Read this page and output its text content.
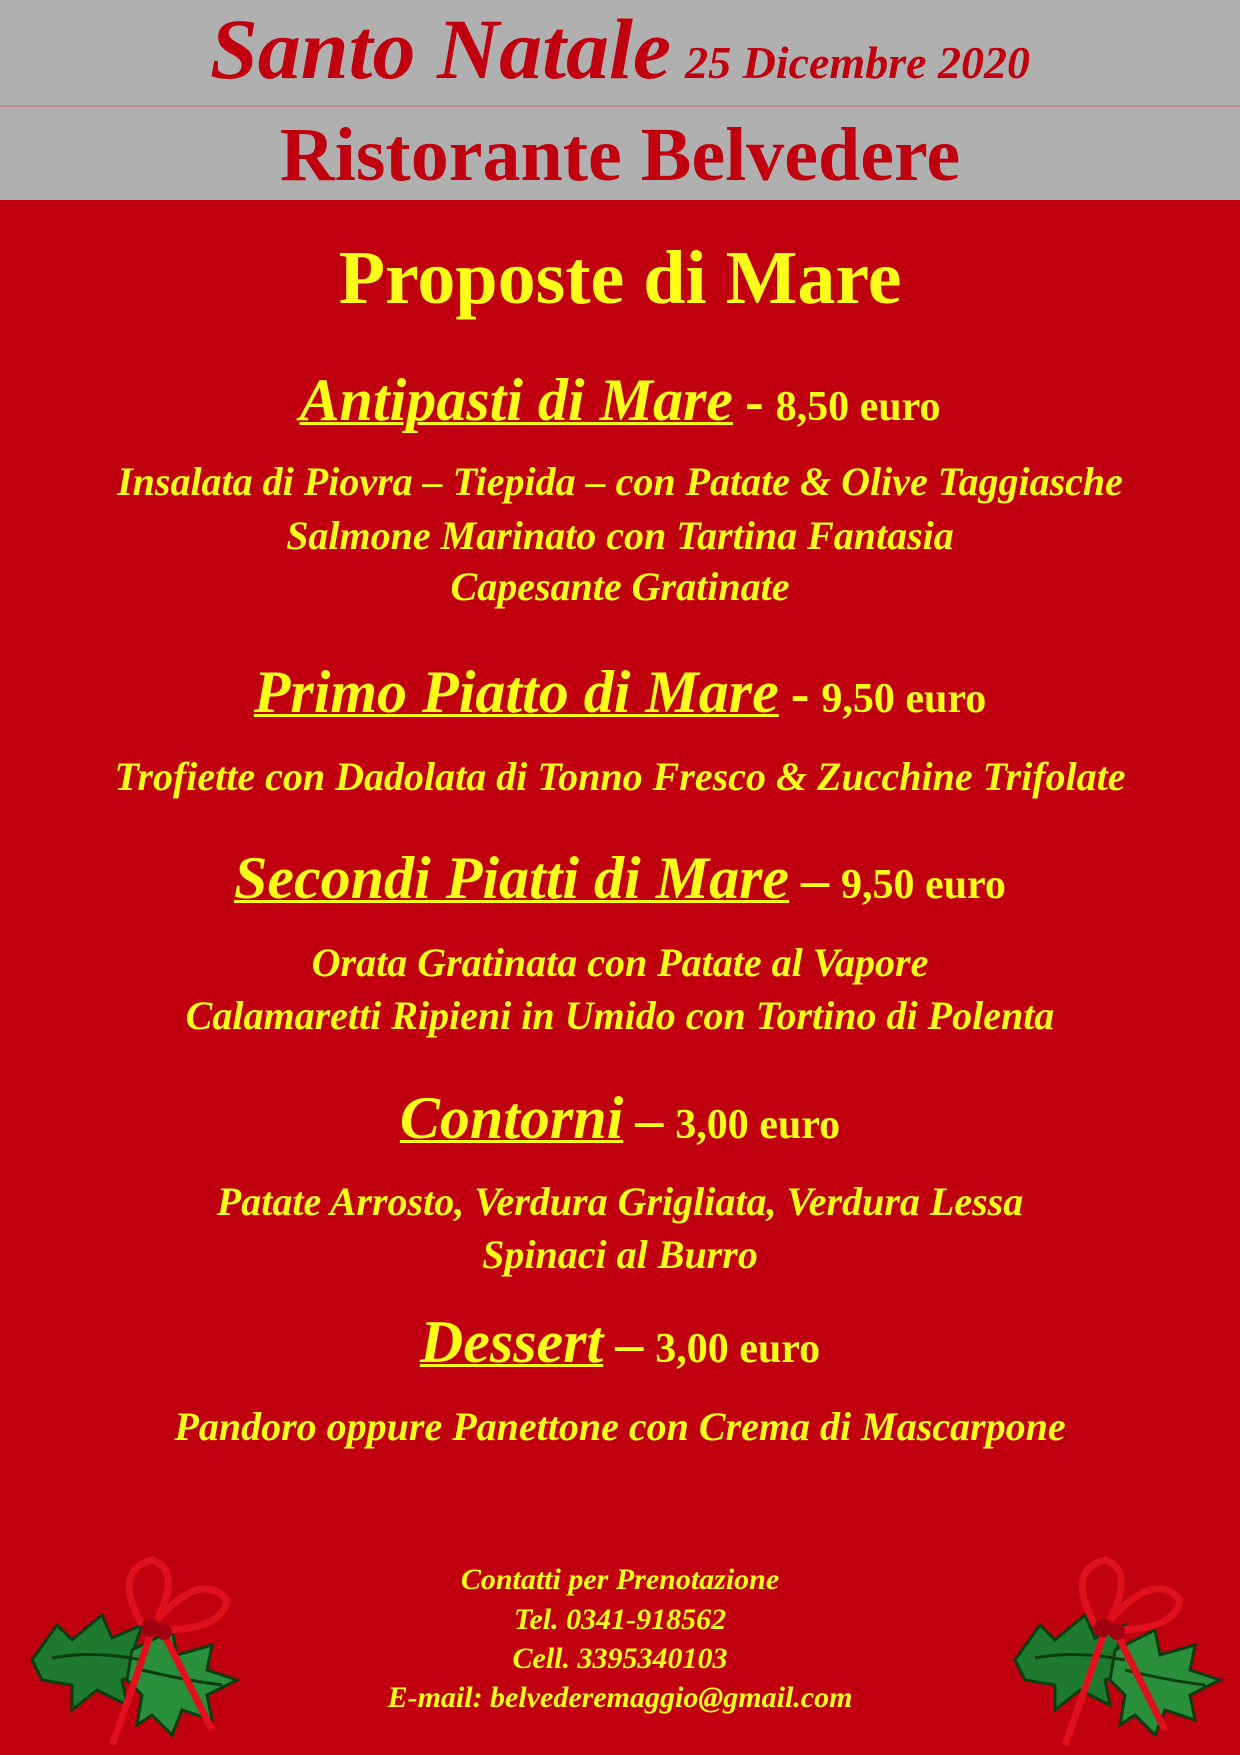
Santo Natale 25 Dicembre 2020
Ristorante Belvedere
Proposte di Mare
Antipasti di Mare - 8,50 euro
Insalata di Piovra – Tiepida – con Patate & Olive Taggiasche
Salmone Marinato con Tartina Fantasia
Capesante Gratinate
Primo Piatto di Mare - 9,50 euro
Trofiette con Dadolata di Tonno Fresco & Zucchine Trifolate
Secondi Piatti di Mare – 9,50 euro
Orata Gratinata con Patate al Vapore
Calamaretti Ripieni in Umido con Tortino di Polenta
Contorni – 3,00 euro
Patate Arrosto, Verdura Grigliata, Verdura Lessa
Spinaci al Burro
Dessert – 3,00 euro
Pandoro oppure Panettone con Crema di Mascarpone
Contatti per Prenotazione
Tel. 0341-918562
Cell. 3395340103
E-mail: belvederemaggio@gmail.com
